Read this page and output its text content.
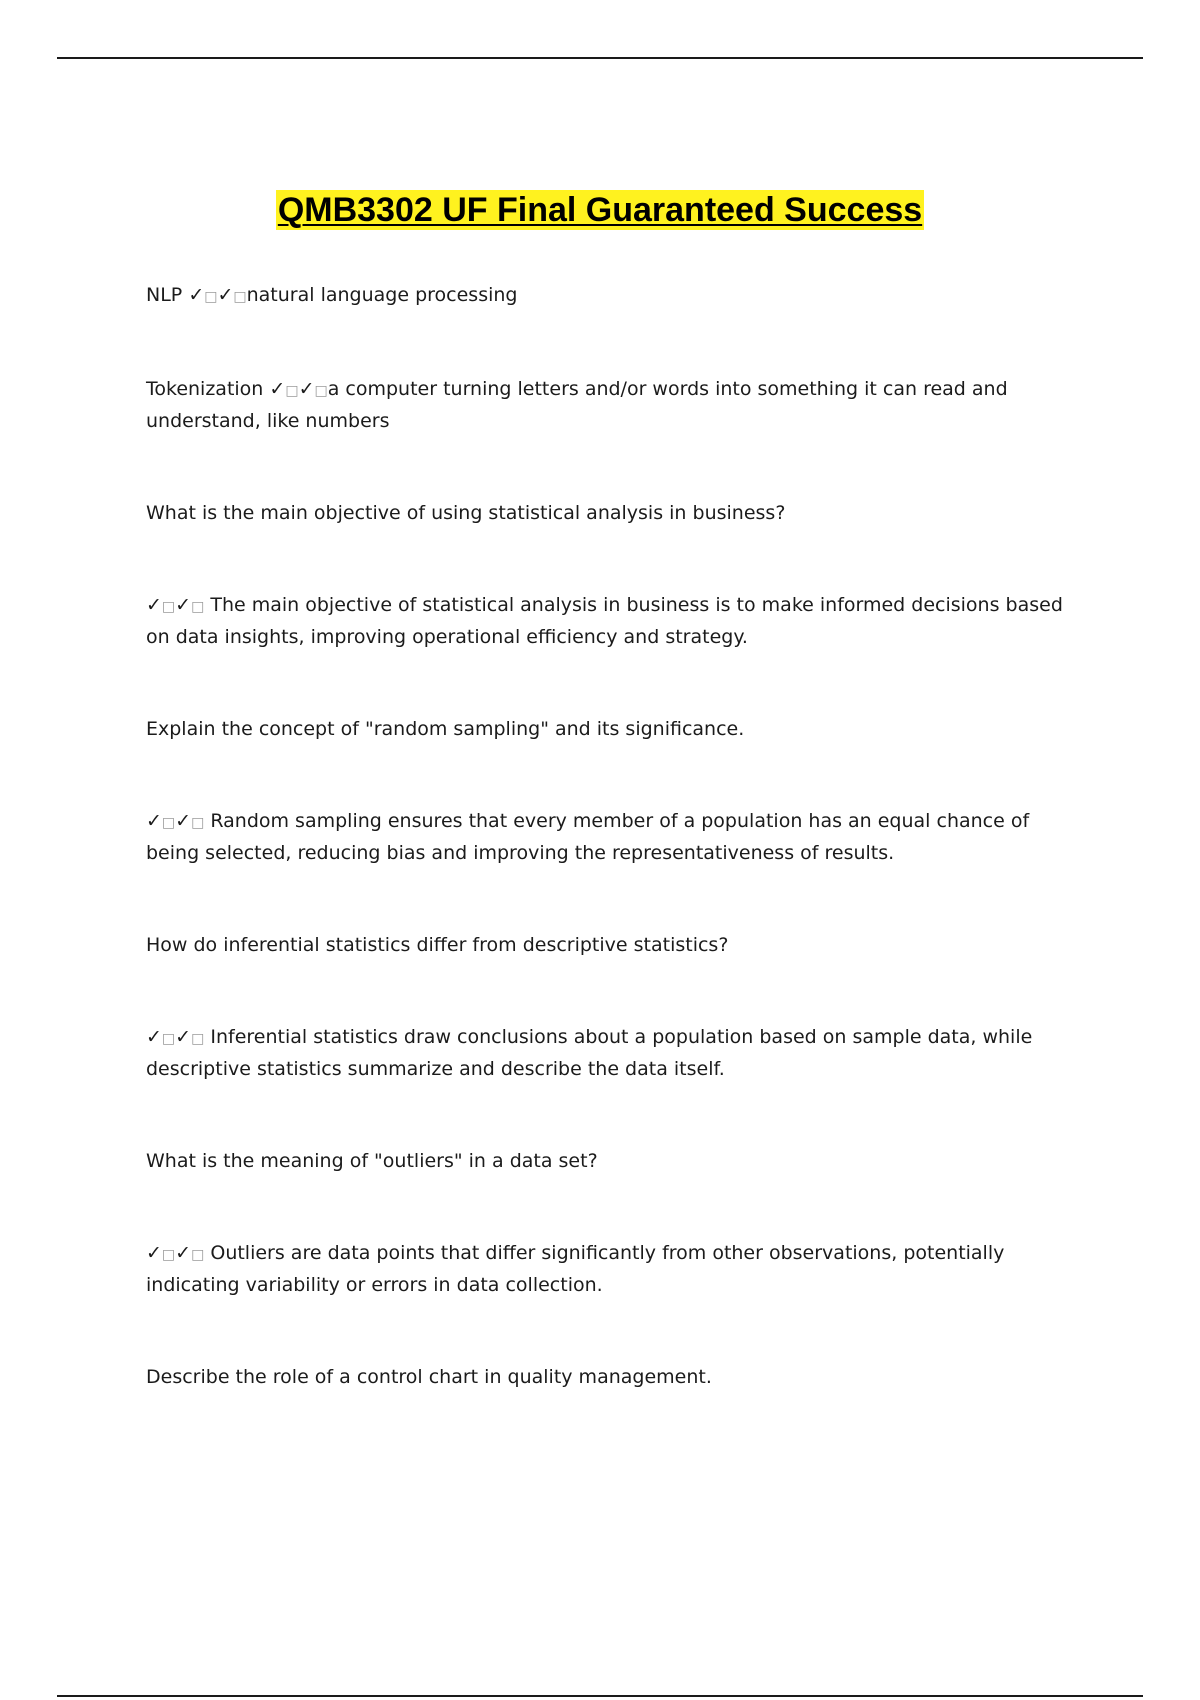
QMB3302 UF Final Guaranteed Success

NLP ✓□✓□natural language processing

Tokenization ✓□✓□a computer turning letters and/or words into something it can read and understand, like numbers

What is the main objective of using statistical analysis in business?

✓□✓□ The main objective of statistical analysis in business is to make informed decisions based on data insights, improving operational efficiency and strategy.

Explain the concept of "random sampling" and its significance.

✓□✓□ Random sampling ensures that every member of a population has an equal chance of being selected, reducing bias and improving the representativeness of results.

How do inferential statistics differ from descriptive statistics?

✓□✓□ Inferential statistics draw conclusions about a population based on sample data, while descriptive statistics summarize and describe the data itself.

What is the meaning of "outliers" in a data set?

✓□✓□ Outliers are data points that differ significantly from other observations, potentially indicating variability or errors in data collection.

Describe the role of a control chart in quality management.
